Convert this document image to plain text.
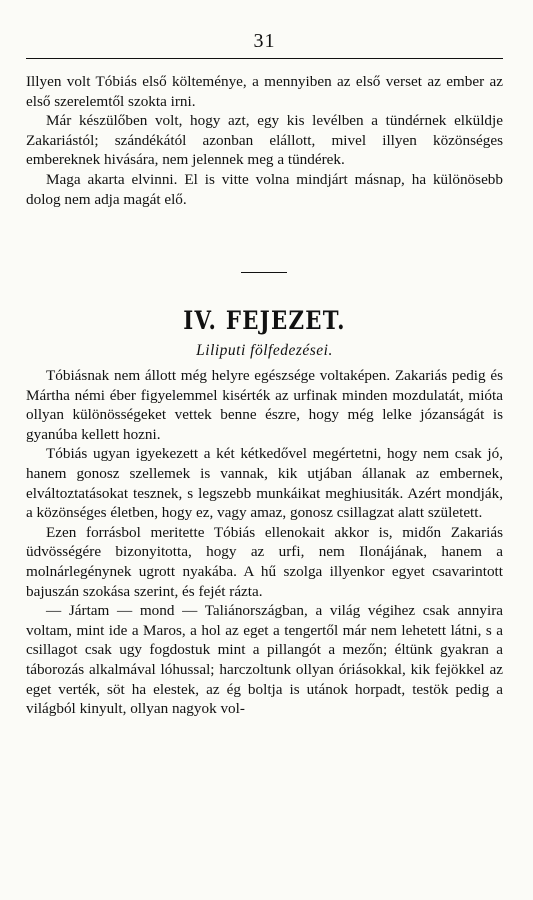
31

Illyen volt Tóbiás első költeménye, a mennyiben az első verset az ember az első szerelemtől szokta irni.

Már készülőben volt, hogy azt, egy kis levélben a tündérnek elküldje Zakariástól; szándékától azonban elállott, mivel illyen közönséges embereknek hivására, nem jelennek meg a tündérek.

Maga akarta elvinni. El is vitte volna mindjárt másnap, ha különösebb dolog nem adja magát elő.

IV. FEJEZET.
Liliputi fölfedezései.

Tóbiásnak nem állott még helyre egészsége voltaképen. Zakariás pedig és Mártha némi éber figyelemmel kisérték az urfinak minden mozdulatát, mióta ollyan különösségeket vettek benne észre, hogy még lelke józanságát is gyanúba kellett hozni.

Tóbiás ugyan igyekezett a két kétkedővel megértetni, hogy nem csak jó, hanem gonosz szellemek is vannak, kik utjában állanak az embernek, elváltoztatásokat tesznek, s legszebb munkáikat meghiusiták. Azért mondják, a közönséges életben, hogy ez, vagy amaz, gonosz csillagzat alatt született.

Ezen forrásbol meritette Tóbiás ellenokait akkor is, midőn Zakariás üdvösségére bizonyitotta, hogy az urfi, nem Ilonájának, hanem a molnárlegénynek ugrott nyakába. A hű szolga illyenkor egyet csavarintott bajuszán szokása szerint, és fejét rázta.

— Jártam — mond — Taliánországban, a világ végihez csak annyira voltam, mint ide a Maros, a hol az eget a tengertől már nem lehetett látni, s a csillagot csak ugy fogdostuk mint a pillangót a mezőn; éltünk gyakran a táborozás alkalmával lóhussal; harczoltunk ollyan óriásokkal, kik fejökkel az eget verték, söt ha elestek, az ég boltja is utánok horpadt, testök pedig a világból kinyult, ollyan nagyok vol-
